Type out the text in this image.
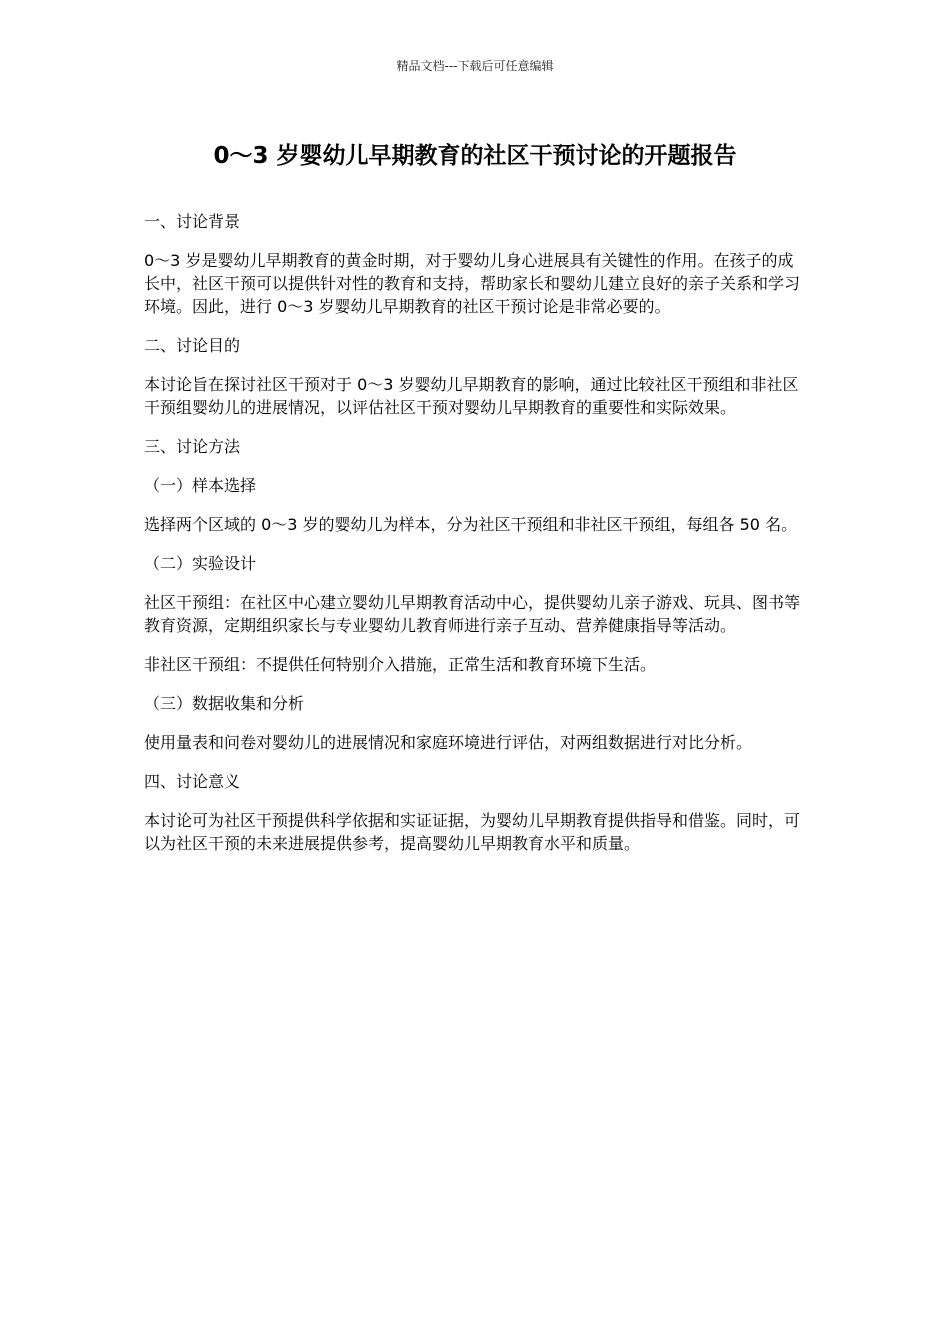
精品文档---下载后可任意编辑
0～3 岁婴幼儿早期教育的社区干预讨论的开题报告

一、讨论背景

0～3 岁是婴幼儿早期教育的黄金时期，对于婴幼儿身心进展具有关键性的作用。在孩子的成长中，社区干预可以提供针对性的教育和支持，帮助家长和婴幼儿建立良好的亲子关系和学习环境。因此，进行 0～3 岁婴幼儿早期教育的社区干预讨论是非常必要的。

二、讨论目的

本讨论旨在探讨社区干预对于 0～3 岁婴幼儿早期教育的影响，通过比较社区干预组和非社区干预组婴幼儿的进展情况，以评估社区干预对婴幼儿早期教育的重要性和实际效果。

三、讨论方法

（一）样本选择

选择两个区域的 0～3 岁的婴幼儿为样本，分为社区干预组和非社区干预组，每组各 50 名。

（二）实验设计

社区干预组：在社区中心建立婴幼儿早期教育活动中心，提供婴幼儿亲子游戏、玩具、图书等教育资源，定期组织家长与专业婴幼儿教育师进行亲子互动、营养健康指导等活动。

非社区干预组：不提供任何特别介入措施，正常生活和教育环境下生活。

（三）数据收集和分析

使用量表和问卷对婴幼儿的进展情况和家庭环境进行评估，对两组数据进行对比分析。

四、讨论意义

本讨论可为社区干预提供科学依据和实证证据，为婴幼儿早期教育提供指导和借鉴。同时，可以为社区干预的未来进展提供参考，提高婴幼儿早期教育水平和质量。
